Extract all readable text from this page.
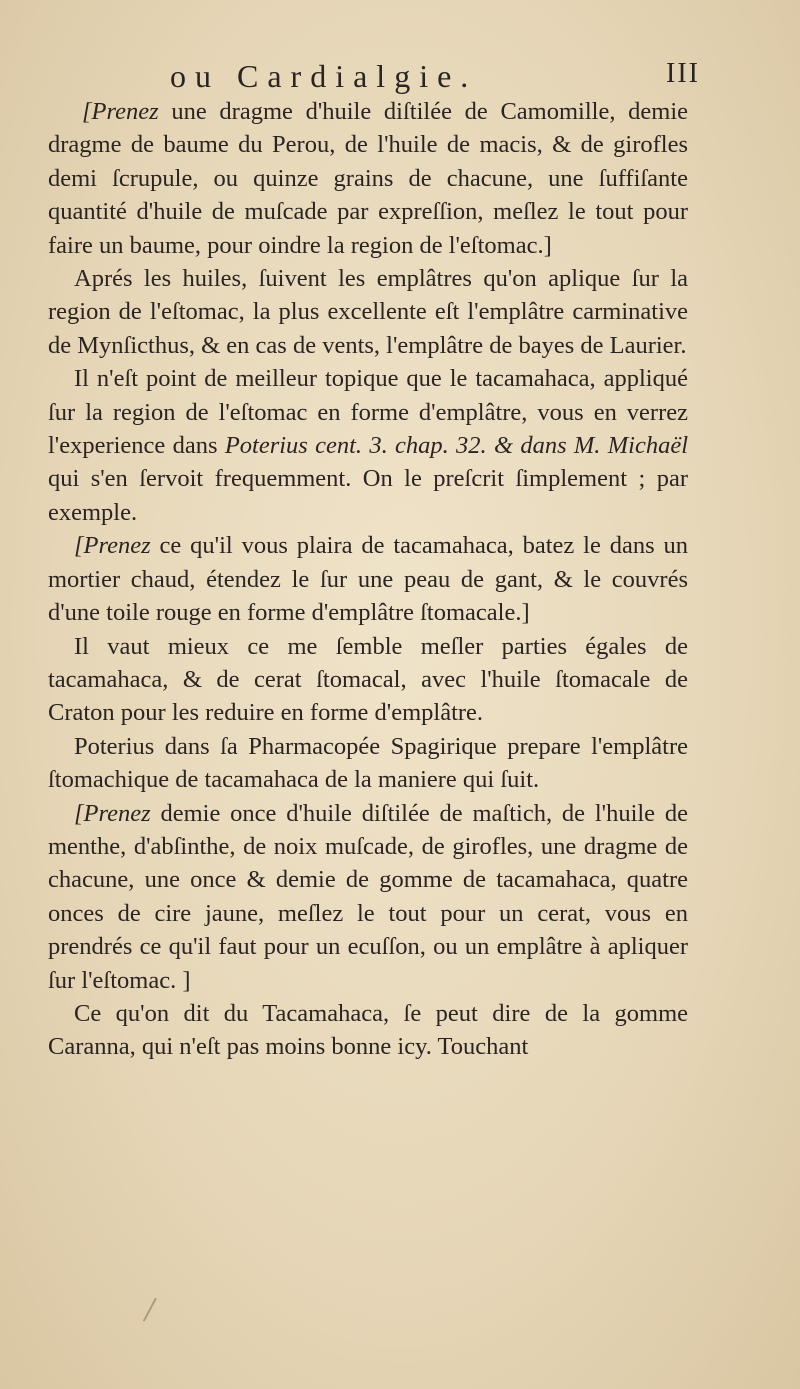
ou Cardialgie.	III

[Prenez une dragme d'huile diſtilée de Camomille, demie dragme de baume du Perou, de l'huile de macis, & de girofles demi ſcrupule, ou quinze grains de chacune, une ſuffiſante quantité d'huile de muſcade par expreſſion, meſlez le tout pour faire un baume, pour oindre la region de l'eſtomac.]

Aprés les huiles, ſuivent les emplâtres qu'on aplique ſur la region de l'eſtomac, la plus excellente eſt l'emplâtre carminative de Mynſicthus, & en cas de vents, l'emplâtre de bayes de Laurier.

Il n'eſt point de meilleur topique que le tacamahaca, appliqué ſur la region de l'eſtomac en forme d'emplâtre, vous en verrez l'experience dans Poterius cent. 3. chap. 32. & dans M. Michaël qui s'en ſervoit frequemment. On le preſcrit ſimplement ; par exemple.

[Prenez ce qu'il vous plaira de tacamahaca, batez le dans un mortier chaud, étendez le ſur une peau de gant, & le couvrés d'une toile rouge en forme d'emplâtre ſtomacale.]

Il vaut mieux ce me ſemble meſler parties égales de tacamahaca, & de cerat ſtomacal, avec l'huile ſtomacale de Craton pour les reduire en forme d'emplâtre.

Poterius dans ſa Pharmacopée Spagirique prepare l'emplâtre ſtomachique de tacamahaca de la maniere qui ſuit.

[Prenez demie once d'huile diſtilée de maſtich, de l'huile de menthe, d'abſinthe, de noix muſcade, de girofles, une dragme de chacune, une once & demie de gomme de tacamahaca, quatre onces de cire jaune, meſlez le tout pour un cerat, vous en prendrés ce qu'il faut pour un ecuſſon, ou un emplâtre à apliquer ſur l'eſtomac. ]

Ce qu'on dit du Tacamahaca, ſe peut dire de la gomme Caranna, qui n'eſt pas moins bonne icy. Touchant
